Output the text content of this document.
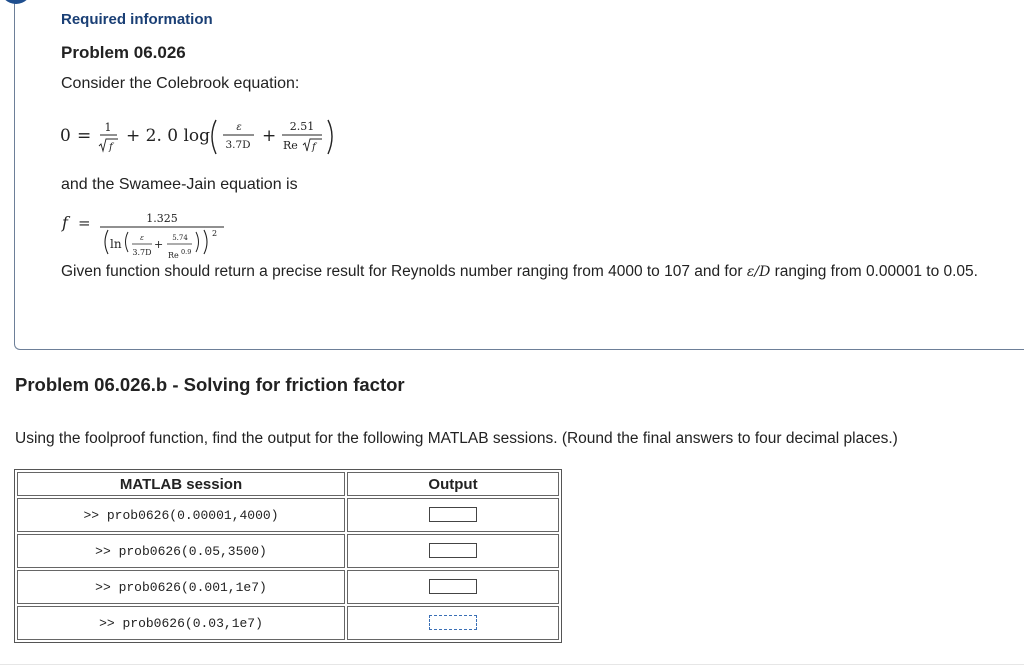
Required information
Problem 06.026
Consider the Colebrook equation:
0 = 1
f
+ 2. 0 log	ε
3.7D + 2.51
Re f
and the Swamee-Jain equation is
f =	1.325
ln	ε
3.7D
+ 5.74
Re 0.9
2
Given function should return a precise result for Reynolds number ranging from 4000 to 107 and for ε/D ranging from 0.00001 to 0.05.
Problem 06.026.b - Solving for friction factor
Using the foolproof function, find the output for the following MATLAB sessions. (Round the final answers to four decimal places.)
MATLAB session	Output
>> prob0626(0.00001,4000)	
>> prob0626(0.05,3500)	
>> prob0626(0.001,1e7)	
>> prob0626(0.03,1e7)	
